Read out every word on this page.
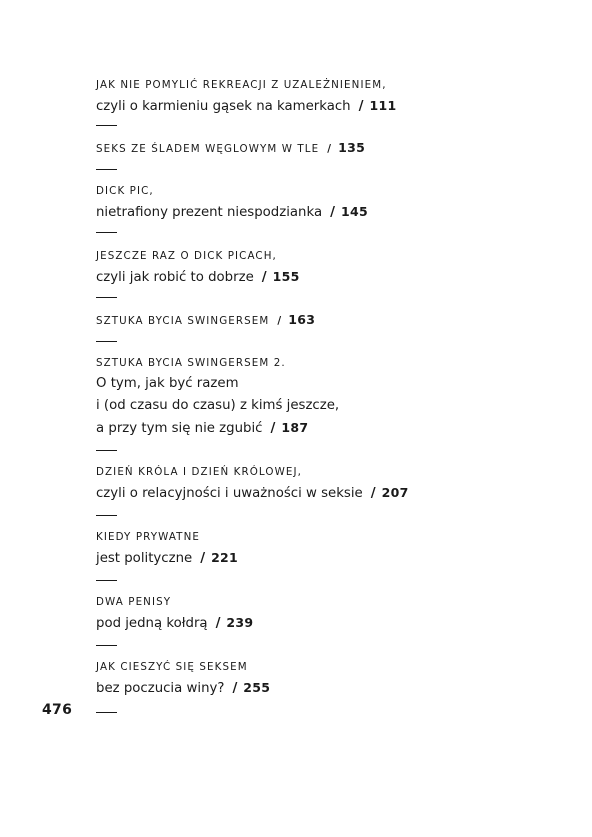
JAK NIE POMYLIĆ REKREACJI Z UZALEŻNIENIEM,
czyli o karmieniu gąsek na kamerkach / 111
SEKS ZE ŚLADEM WĘGLOWYM W TLE / 135
DICK PIC,
nietrafiony prezent niespodzianka / 145
JESZCZE RAZ O DICK PICACH,
czyli jak robić to dobrze / 155
SZTUKA BYCIA SWINGERSEM / 163
SZTUKA BYCIA SWINGERSEM 2.
O tym, jak być razem
i (od czasu do czasu) z kimś jeszcze,
a przy tym się nie zgubić / 187
DZIEŃ KRÓLA I DZIEŃ KRÓLOWEJ,
czyli o relacyjności i uważności w seksie / 207
KIEDY PRYWATNE
jest polityczne / 221
DWA PENISY
pod jedną kołdrą / 239
JAK CIESZYĆ SIĘ SEKSEM
bez poczucia winy? / 255
476
